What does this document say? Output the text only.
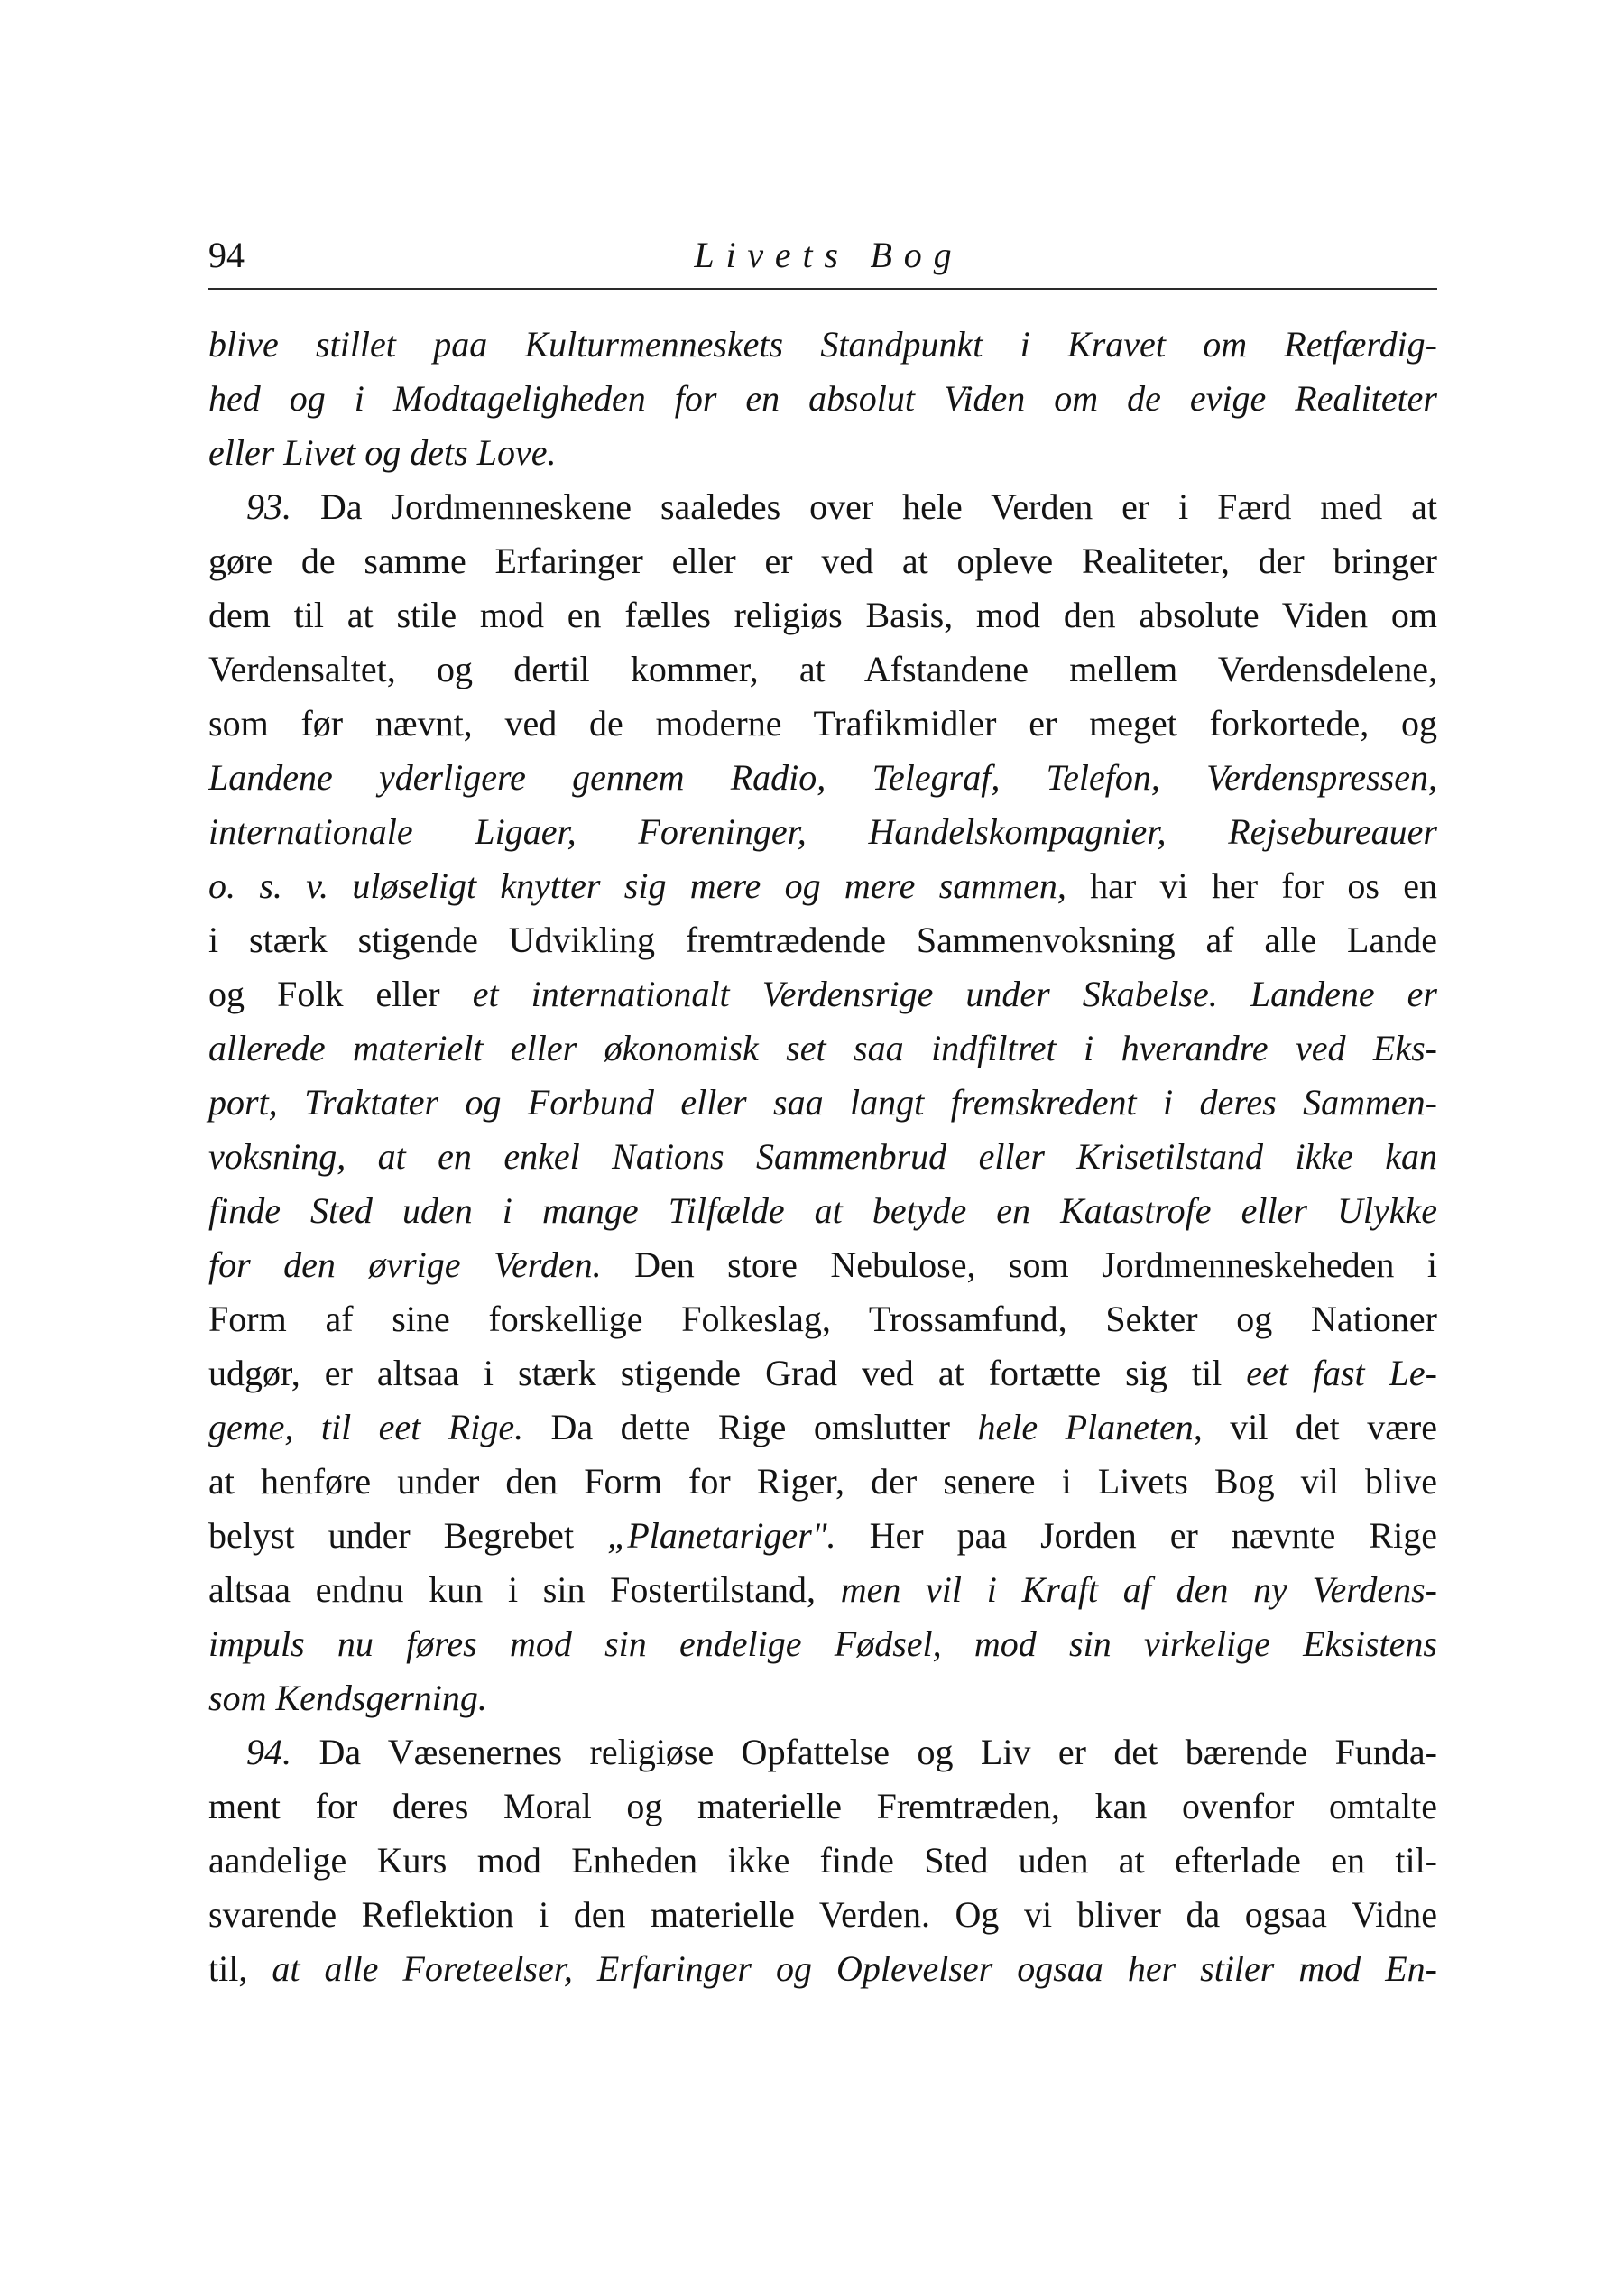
94	Livets Bog
blive stillet paa Kulturmenneskets Standpunkt i Kravet om Retfærdig-
hed og i Modtageligheden for en absolut Viden om de evige Realiteter
eller Livet og dets Love.
93. Da Jordmenneskene saaledes over hele Verden er i Færd med at
gøre de samme Erfaringer eller er ved at opleve Realiteter, der bringer
dem til at stile mod en fælles religiøs Basis, mod den absolute Viden om
Verdensaltet, og dertil kommer, at Afstandene mellem Verdensdelene,
som før nævnt, ved de moderne Trafikmidler er meget forkortede, og
Landene yderligere gennem Radio, Telegraf, Telefon, Verdenspressen,
internationale Ligaer, Foreninger, Handelskompagnier, Rejsebureauer
o. s. v. uløseligt knytter sig mere og mere sammen, har vi her for os en
i stærk stigende Udvikling fremtrædende Sammenvoksning af alle Lande
og Folk eller et internationalt Verdensrige under Skabelse. Landene er
allerede materielt eller økonomisk set saa indfiltret i hverandre ved Eks-
port, Traktater og Forbund eller saa langt fremskredent i deres Sammen-
voksning, at en enkel Nations Sammenbrud eller Krisetilstand ikke kan
finde Sted uden i mange Tilfælde at betyde en Katastrofe eller Ulykke
for den øvrige Verden. Den store Nebulose, som Jordmenneskeheden i
Form af sine forskellige Folkeslag, Trossamfund, Sekter og Nationer
udgør, er altsaa i stærk stigende Grad ved at fortætte sig til eet fast Le-
geme, til eet Rige. Da dette Rige omslutter hele Planeten, vil det være
at henføre under den Form for Riger, der senere i Livets Bog vil blive
belyst under Begrebet „Planetariger". Her paa Jorden er nævnte Rige
altsaa endnu kun i sin Fostertilstand, men vil i Kraft af den ny Verdens-
impuls nu føres mod sin endelige Fødsel, mod sin virkelige Eksistens
som Kendsgerning.
94. Da Væsenernes religiøse Opfattelse og Liv er det bærende Funda-
ment for deres Moral og materielle Fremtræden, kan ovenfor omtalte
aandelige Kurs mod Enheden ikke finde Sted uden at efterlade en til-
svarende Reflektion i den materielle Verden. Og vi bliver da ogsaa Vidne
til, at alle Foreteelser, Erfaringer og Oplevelser ogsaa her stiler mod En-
